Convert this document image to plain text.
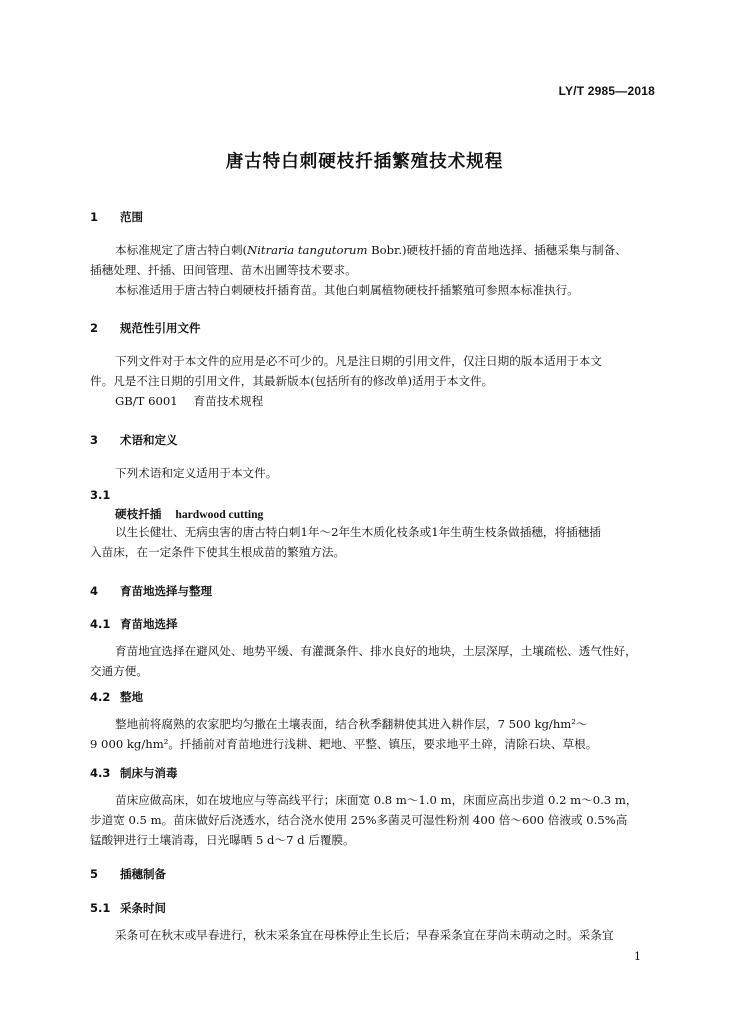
LY/T 2985—2018
唐古特白刺硬枝扦插繁殖技术规程
1 范围
本标准规定了唐古特白刺(Nitraria tangutorum Bobr.)硬枝扦插的育苗地选择、插穗采集与制备、
插穗处理、扦插、田间管理、苗木出圃等技术要求。
本标准适用于唐古特白刺硬枝扦插育苗。其他白刺属植物硬枝扦插繁殖可参照本标准执行。
2 规范性引用文件
下列文件对于本文件的应用是必不可少的。凡是注日期的引用文件，仅注日期的版本适用于本文
件。凡是不注日期的引用文件，其最新版本(包括所有的修改单)适用于本文件。
GB/T 6001 育苗技术规程
3 术语和定义
下列术语和定义适用于本文件。
3.1
硬枝扦插 hardwood cutting
以生长健壮、无病虫害的唐古特白刺1年～2年生木质化枝条或1年生萌生枝条做插穗，将插穗插
入苗床，在一定条件下使其生根成苗的繁殖方法。
4 育苗地选择与整理
4.1 育苗地选择
育苗地宜选择在避风处、地势平缓、有灌溉条件、排水良好的地块，土层深厚，土壤疏松、透气性好，
交通方便。
4.2 整地
整地前将腐熟的农家肥均匀撒在土壤表面，结合秋季翻耕使其进入耕作层，7 500 kg/hm²～
9 000 kg/hm²。扦插前对育苗地进行浅耕、耙地、平整、镇压，要求地平土碎，清除石块、草根。
4.3 制床与消毒
苗床应做高床，如在坡地应与等高线平行；床面宽 0.8 m～1.0 m，床面应高出步道 0.2 m～0.3 m，
步道宽 0.5 m。苗床做好后浇透水，结合浇水使用 25%多菌灵可湿性粉剂 400 倍～600 倍液或 0.5%高
锰酸钾进行土壤消毒，日光曝晒 5 d～7 d 后覆膜。
5 插穗制备
5.1 采条时间
采条可在秋末或早春进行，秋末采条宜在母株停止生长后；早春采条宜在芽尚未萌动之时。采条宜
1
